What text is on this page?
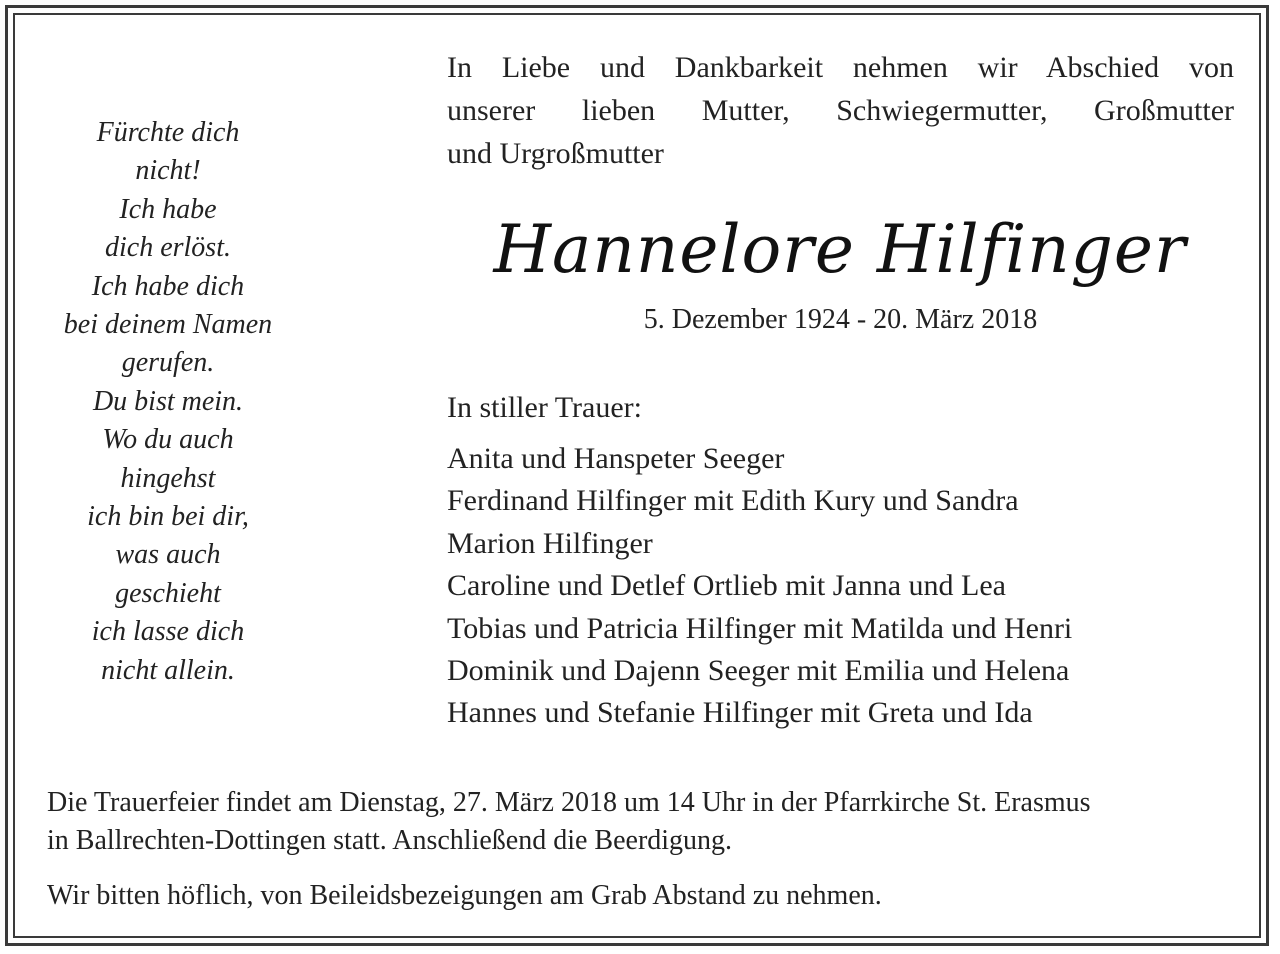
Fürchte dich
nicht!
Ich habe
dich erlöst.
Ich habe dich
bei deinem Namen
gerufen.
Du bist mein.
Wo du auch
hingehst
ich bin bei dir,
was auch
geschieht
ich lasse dich
nicht allein.
In Liebe und Dankbarkeit nehmen wir Abschied von
unserer lieben Mutter, Schwiegermutter, Großmutter
und Urgroßmutter
Hannelore Hilfinger
5. Dezember 1924 - 20. März 2018
In stiller Trauer:
Anita und Hanspeter Seeger
Ferdinand Hilfinger mit Edith Kury und Sandra
Marion Hilfinger
Caroline und Detlef Ortlieb mit Janna und Lea
Tobias und Patricia Hilfinger mit Matilda und Henri
Dominik und Dajenn Seeger mit Emilia und Helena
Hannes und Stefanie Hilfinger mit Greta und Ida
Die Trauerfeier findet am Dienstag, 27. März 2018 um 14 Uhr in der Pfarrkirche St. Erasmus
in Ballrechten-Dottingen statt. Anschließend die Beerdigung.
Wir bitten höflich, von Beileidsbezeigungen am Grab Abstand zu nehmen.
